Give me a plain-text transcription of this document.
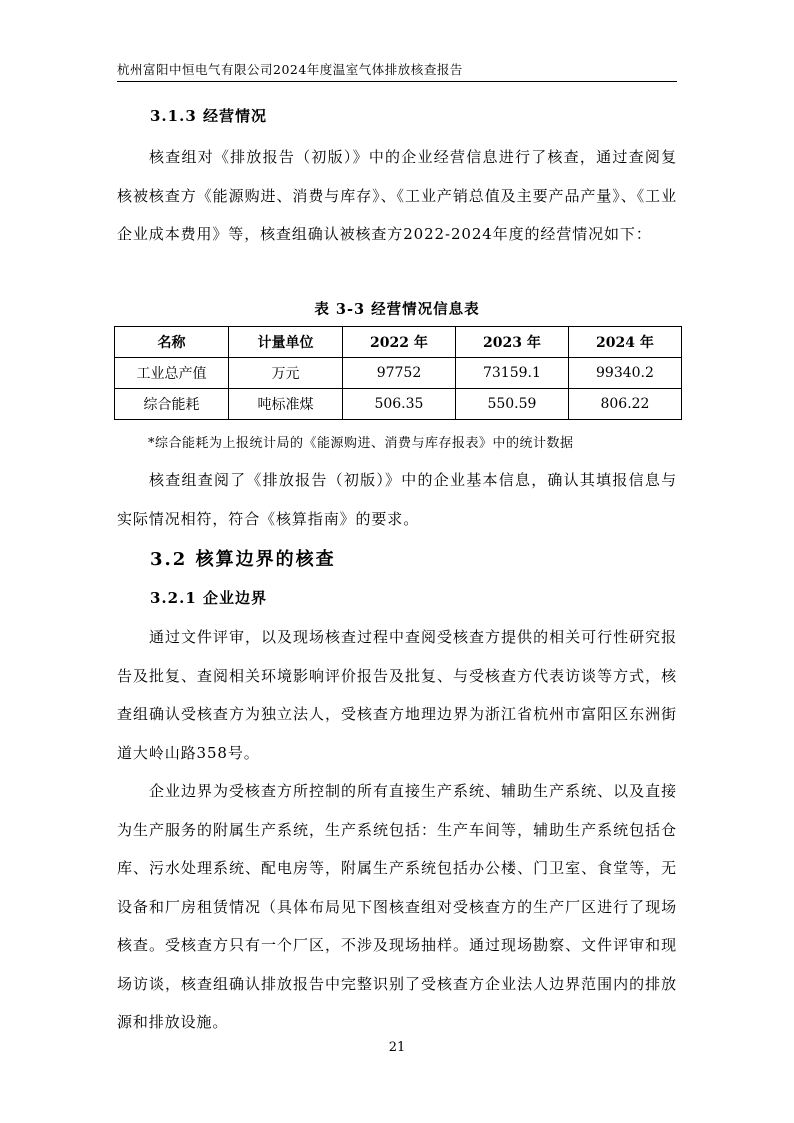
杭州富阳中恒电气有限公司2024年度温室气体排放核查报告
3.1.3 经营情况

核查组对《排放报告（初版）》中的企业经营信息进行了核查，通过查阅复核被核查方《能源购进、消费与库存》、《工业产销总值及主要产品产量》、《工业企业成本费用》等，核查组确认被核查方2022-2024年度的经营情况如下：

表 3-3 经营情况信息表
名称	计量单位	2022 年	2023 年	2024 年
工业总产值	万元	97752	73159.1	99340.2
综合能耗	吨标准煤	506.35	550.59	806.22
*综合能耗为上报统计局的《能源购进、消费与库存报表》中的统计数据

核查组查阅了《排放报告（初版）》中的企业基本信息，确认其填报信息与实际情况相符，符合《核算指南》的要求。

3.2 核算边界的核查
3.2.1 企业边界

通过文件评审，以及现场核查过程中查阅受核查方提供的相关可行性研究报告及批复、查阅相关环境影响评价报告及批复、与受核查方代表访谈等方式，核查组确认受核查方为独立法人，受核查方地理边界为浙江省杭州市富阳区东洲街道大岭山路358号。

企业边界为受核查方所控制的所有直接生产系统、辅助生产系统、以及直接为生产服务的附属生产系统，生产系统包括：生产车间等，辅助生产系统包括仓库、污水处理系统、配电房等，附属生产系统包括办公楼、门卫室、食堂等，无设备和厂房租赁情况（具体布局见下图核查组对受核查方的生产厂区进行了现场核查。受核查方只有一个厂区，不涉及现场抽样。通过现场勘察、文件评审和现场访谈，核查组确认排放报告中完整识别了受核查方企业法人边界范围内的排放源和排放设施。

21
